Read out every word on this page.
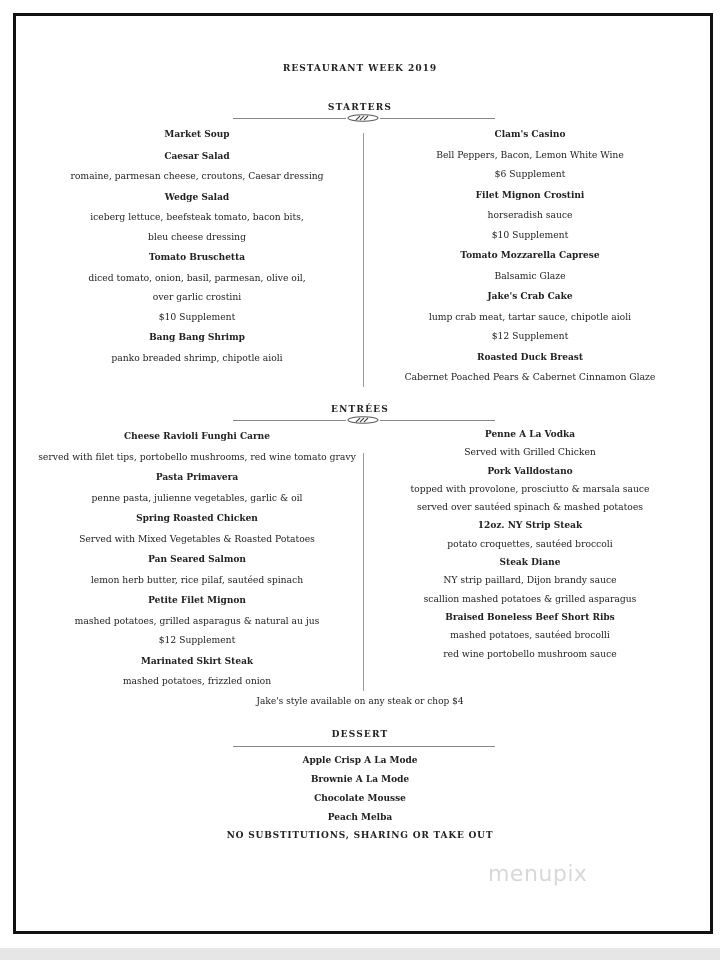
RESTAURANT WEEK 2019
STARTERS
Market Soup
Caesar Salad
romaine, parmesan cheese, croutons, Caesar dressing
Wedge Salad
iceberg lettuce, beefsteak tomato, bacon bits,
bleu cheese dressing
Tomato Bruschetta
diced tomato, onion, basil, parmesan, olive oil,
over garlic crostini
$10 Supplement
Bang Bang Shrimp
panko breaded shrimp, chipotle aioli
Clam's Casino
Bell Peppers, Bacon, Lemon White Wine
$6 Supplement
Filet Mignon Crostini
horseradish sauce
$10 Supplement
Tomato Mozzarella Caprese
Balsamic Glaze
Jake's Crab Cake
lump crab meat, tartar sauce, chipotle aioli
$12 Supplement
Roasted Duck Breast
Cabernet Poached Pears & Cabernet Cinnamon Glaze
ENTRÉES
Cheese Ravioli Funghi Carne
served with filet tips, portobello mushrooms, red wine tomato gravy
Pasta Primavera
penne pasta, julienne vegetables, garlic & oil
Spring Roasted Chicken
Served with Mixed Vegetables & Roasted Potatoes
Pan Seared Salmon
lemon herb butter, rice pilaf, sautéed spinach
Petite Filet Mignon
mashed potatoes, grilled asparagus & natural au jus
$12 Supplement
Marinated Skirt Steak
mashed potatoes, frizzled onion
Penne A La Vodka
Served with Grilled Chicken
Pork Valldostano
topped with provolone, prosciutto & marsala sauce
served over sautéed spinach & mashed potatoes
12oz. NY Strip Steak
potato croquettes, sautéed broccoli
Steak Diane
NY strip paillard, Dijon brandy sauce
scallion mashed potatoes & grilled asparagus
Braised Boneless Beef Short Ribs
mashed potatoes, sautéed brocolli
red wine portobello mushroom sauce
Jake's style available on any steak or chop $4
DESSERT
Apple Crisp A La Mode
Brownie A La Mode
Chocolate Mousse
Peach Melba
NO SUBSTITUTIONS, SHARING OR TAKE OUT
menupix
